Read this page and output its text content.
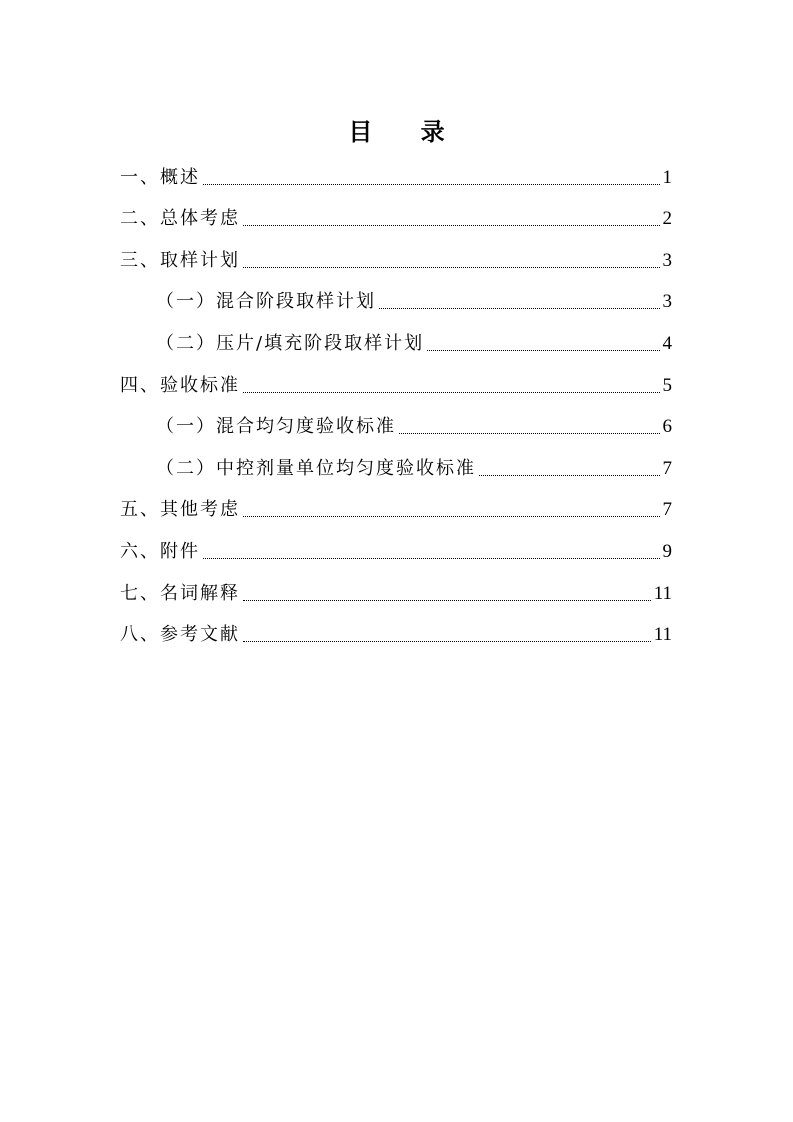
目 录
一、概述	1
二、总体考虑	2
三、取样计划	3
（一）混合阶段取样计划	3
（二）压片/填充阶段取样计划	4
四、验收标准	5
（一）混合均匀度验收标准	6
（二）中控剂量单位均匀度验收标准	7
五、其他考虑	7
六、附件	9
七、名词解释	11
八、参考文献	11
